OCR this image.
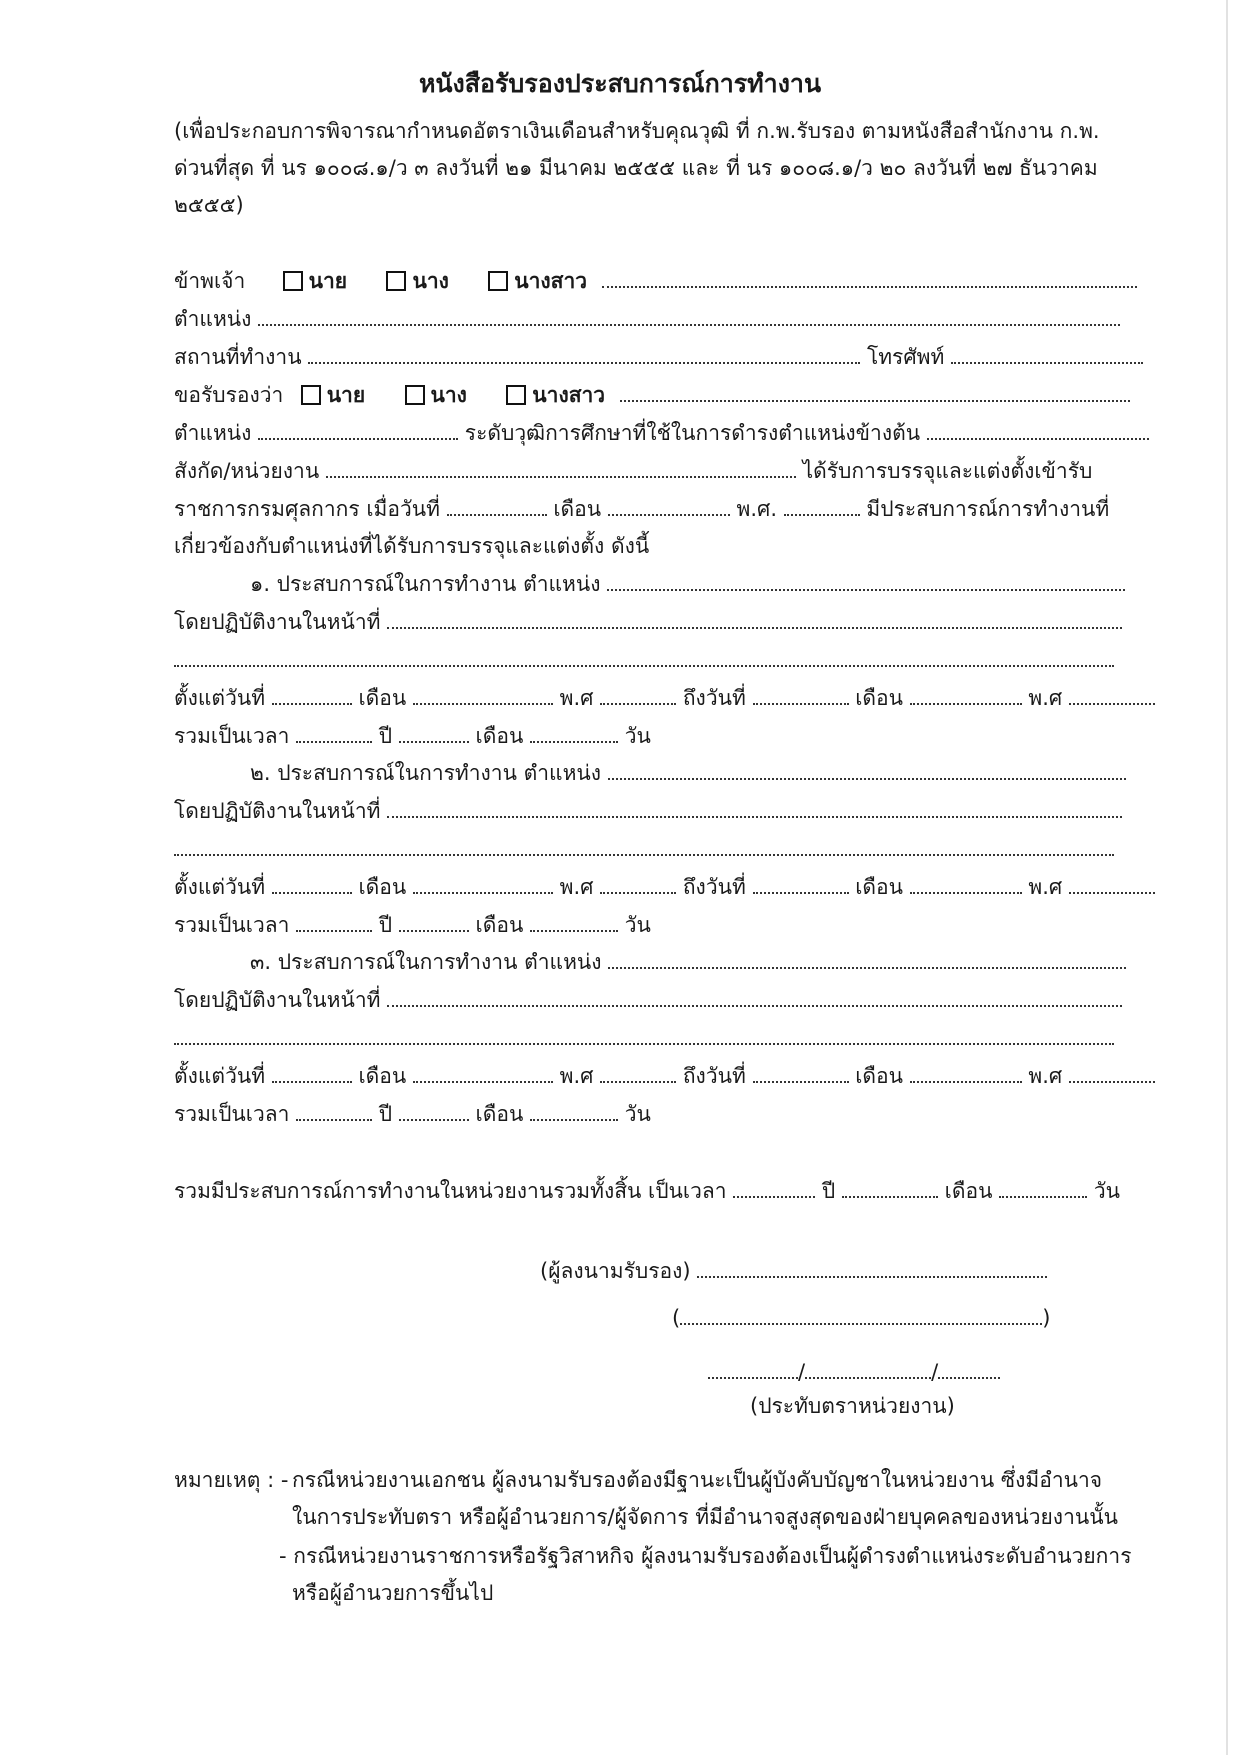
หนังสือรับรองประสบการณ์การทำงาน
(เพื่อประกอบการพิจารณากำหนดอัตราเงินเดือนสำหรับคุณวุฒิ ที่ ก.พ.รับรอง ตามหนังสือสำนักงาน ก.พ.
ด่วนที่สุด ที่ นร ๑๐๐๘.๑/ว ๓ ลงวันที่ ๒๑ มีนาคม ๒๕๕๕ และ ที่ นร ๑๐๐๘.๑/ว ๒๐ ลงวันที่ ๒๗ ธันวาคม
๒๕๕๕)
ข้าพเจ้า	นาย	นาง	นางสาว
ตำแหน่ง
สถานที่ทำงาน	โทรศัพท์
ขอรับรองว่า นาย	นาง	นางสาว
ตำแหน่ง	ระดับวุฒิการศึกษาที่ใช้ในการดำรงตำแหน่งข้างต้น
สังกัด/หน่วยงาน	ได้รับการบรรจุและแต่งตั้งเข้ารับ
ราชการกรมศุลกากร เมื่อวันที่	เดือน	พ.ศ.	มีประสบการณ์การทำงานที่
เกี่ยวข้องกับตำแหน่งที่ได้รับการบรรจุและแต่งตั้ง ดังนี้
๑. ประสบการณ์ในการทำงาน ตำแหน่ง
โดยปฏิบัติงานในหน้าที่
ตั้งแต่วันที่	เดือน	พ.ศ	ถึงวันที่	เดือน	พ.ศ
รวมเป็นเวลา	ปี	เดือน	วัน
๒. ประสบการณ์ในการทำงาน ตำแหน่ง
โดยปฏิบัติงานในหน้าที่
ตั้งแต่วันที่	เดือน	พ.ศ	ถึงวันที่	เดือน	พ.ศ
รวมเป็นเวลา	ปี	เดือน	วัน
๓. ประสบการณ์ในการทำงาน ตำแหน่ง
โดยปฏิบัติงานในหน้าที่
ตั้งแต่วันที่	เดือน	พ.ศ	ถึงวันที่	เดือน	พ.ศ
รวมเป็นเวลา	ปี	เดือน	วัน
รวมมีประสบการณ์การทำงานในหน่วยงานรวมทั้งสิ้น เป็นเวลา	ปี	เดือน	วัน
(ผู้ลงนามรับรอง)
(	)
/	/
(ประทับตราหน่วยงาน)
หมายเหตุ : - กรณีหน่วยงานเอกชน ผู้ลงนามรับรองต้องมีฐานะเป็นผู้บังคับบัญชาในหน่วยงาน ซึ่งมีอำนาจ
ในการประทับตรา หรือผู้อำนวยการ/ผู้จัดการ ที่มีอำนาจสูงสุดของฝ่ายบุคคลของหน่วยงานนั้น
- กรณีหน่วยงานราชการหรือรัฐวิสาหกิจ ผู้ลงนามรับรองต้องเป็นผู้ดำรงตำแหน่งระดับอำนวยการ
หรือผู้อำนวยการขึ้นไป
